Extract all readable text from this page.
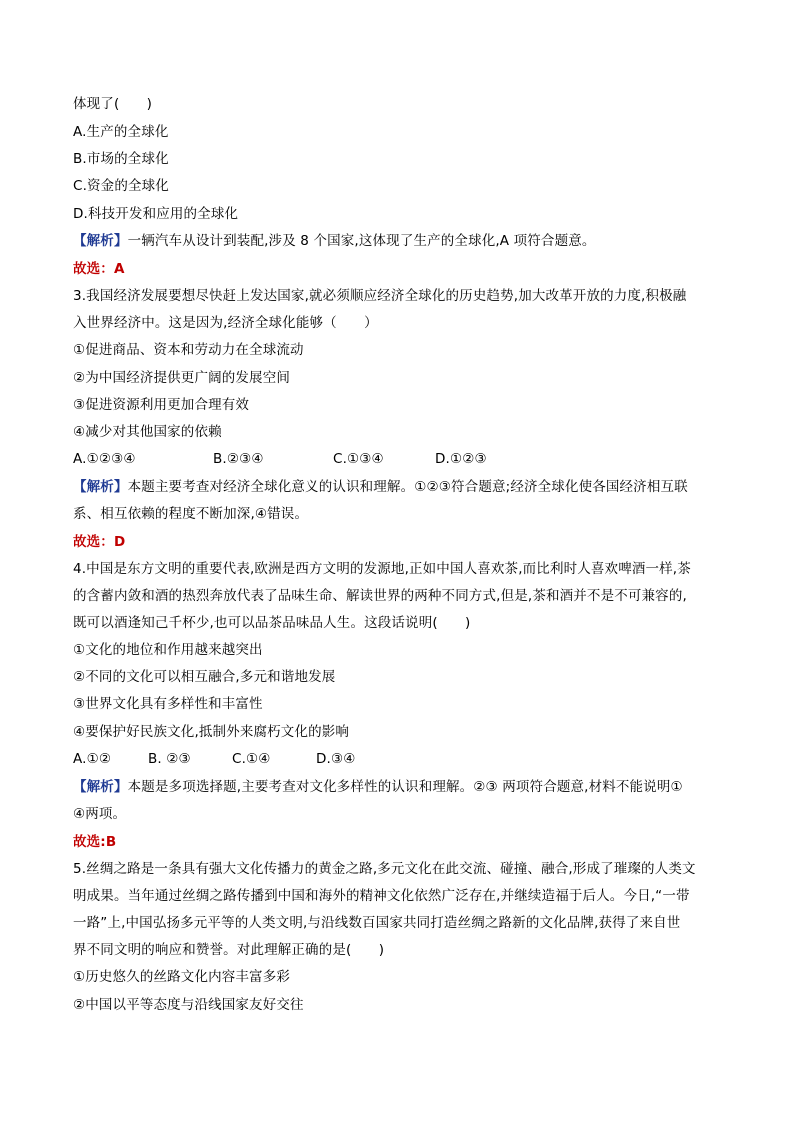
体现了(　　)
A.生产的全球化
B.市场的全球化
C.资金的全球化
D.科技开发和应用的全球化
【解析】一辆汽车从设计到装配,涉及 8 个国家,这体现了生产的全球化,A 项符合题意。
故选：A
3.我国经济发展要想尽快赶上发达国家,就必须顺应经济全球化的历史趋势,加大改革开放的力度,积极融
入世界经济中。这是因为,经济全球化能够（　　）
①促进商品、资本和劳动力在全球流动
②为中国经济提供更广阔的发展空间
③促进资源利用更加合理有效
④减少对其他国家的依赖
A.①②③④	B.②③④	C.①③④	D.①②③
【解析】本题主要考查对经济全球化意义的认识和理解。①②③符合题意;经济全球化使各国经济相互联
系、相互依赖的程度不断加深,④错误。
故选：D
4.中国是东方文明的重要代表,欧洲是西方文明的发源地,正如中国人喜欢茶,而比利时人喜欢啤酒一样,茶
的含蓄内敛和酒的热烈奔放代表了品味生命、解读世界的两种不同方式,但是,茶和酒并不是不可兼容的,
既可以酒逢知己千杯少,也可以品茶品味品人生。这段话说明(　　)
①文化的地位和作用越来越突出
②不同的文化可以相互融合,多元和谐地发展
③世界文化具有多样性和丰富性
④要保护好民族文化,抵制外来腐朽文化的影响
A.①②	B. ②③	C.①④	D.③④
【解析】本题是多项选择题,主要考查对文化多样性的认识和理解。②③ 两项符合题意,材料不能说明①
④两项。
故选:B
5.丝绸之路是一条具有强大文化传播力的黄金之路,多元文化在此交流、碰撞、融合,形成了璀璨的人类文
明成果。当年通过丝绸之路传播到中国和海外的精神文化依然广泛存在,并继续造福于后人。今日,“一带
一路”上,中国弘扬多元平等的人类文明,与沿线数百国家共同打造丝绸之路新的文化品牌,获得了来自世
界不同文明的响应和赞誉。对此理解正确的是(　　)
①历史悠久的丝路文化内容丰富多彩
②中国以平等态度与沿线国家友好交往
